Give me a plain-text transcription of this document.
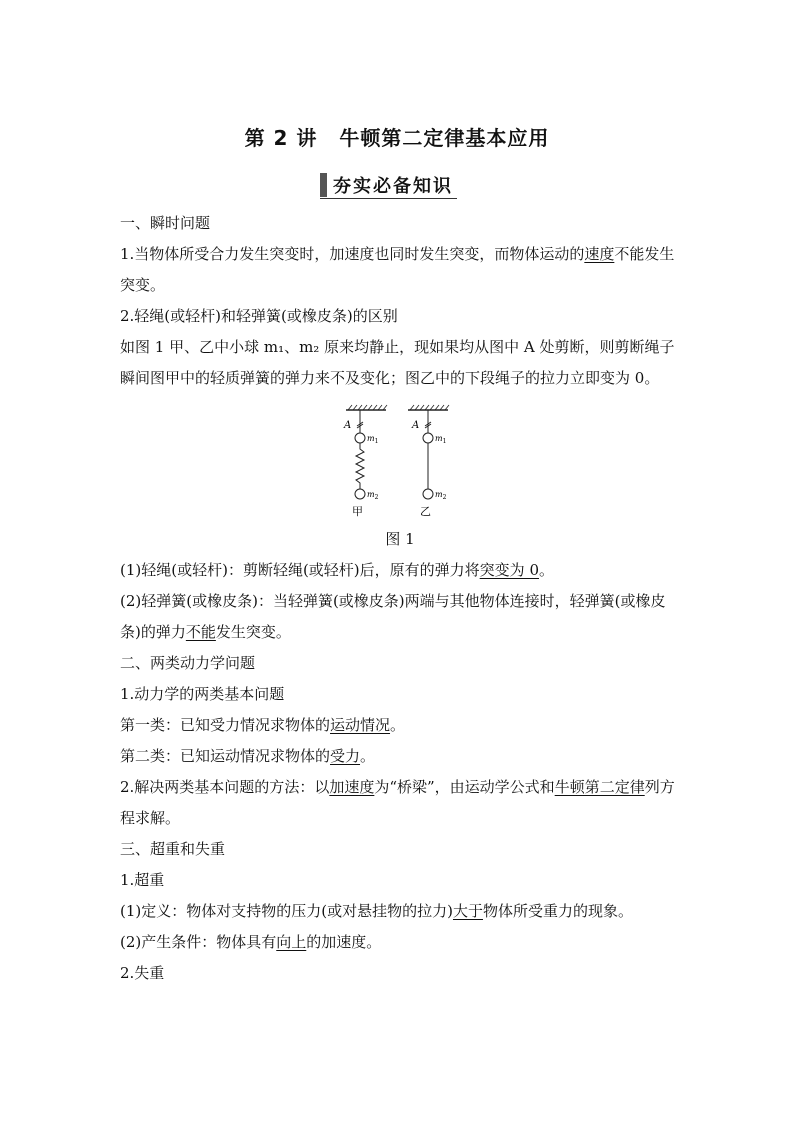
第 2 讲 牛顿第二定律基本应用
夯实必备知识

一、瞬时问题

1.当物体所受合力发生突变时，加速度也同时发生突变，而物体运动的速度不能发生突变。

2.轻绳(或轻杆)和轻弹簧(或橡皮条)的区别

如图 1 甲、乙中小球 m₁、m₂ 原来均静止，现如果均从图中 A 处剪断，则剪断绳子瞬间图甲中的轻质弹簧的弹力来不及变化；图乙中的下段绳子的拉力立即变为 0。

A
$m_1$
$m_2$
甲
A
$m_1$
$m_2$
乙

图 1

(1)轻绳(或轻杆)：剪断轻绳(或轻杆)后，原有的弹力将突变为 0。

(2)轻弹簧(或橡皮条)：当轻弹簧(或橡皮条)两端与其他物体连接时，轻弹簧(或橡皮条)的弹力不能发生突变。

二、两类动力学问题

1.动力学的两类基本问题

第一类：已知受力情况求物体的运动情况。

第二类：已知运动情况求物体的受力。

2.解决两类基本问题的方法：以加速度为“桥梁”，由运动学公式和牛顿第二定律列方程求解。

三、超重和失重

1.超重

(1)定义：物体对支持物的压力(或对悬挂物的拉力)大于物体所受重力的现象。

(2)产生条件：物体具有向上的加速度。

2.失重
